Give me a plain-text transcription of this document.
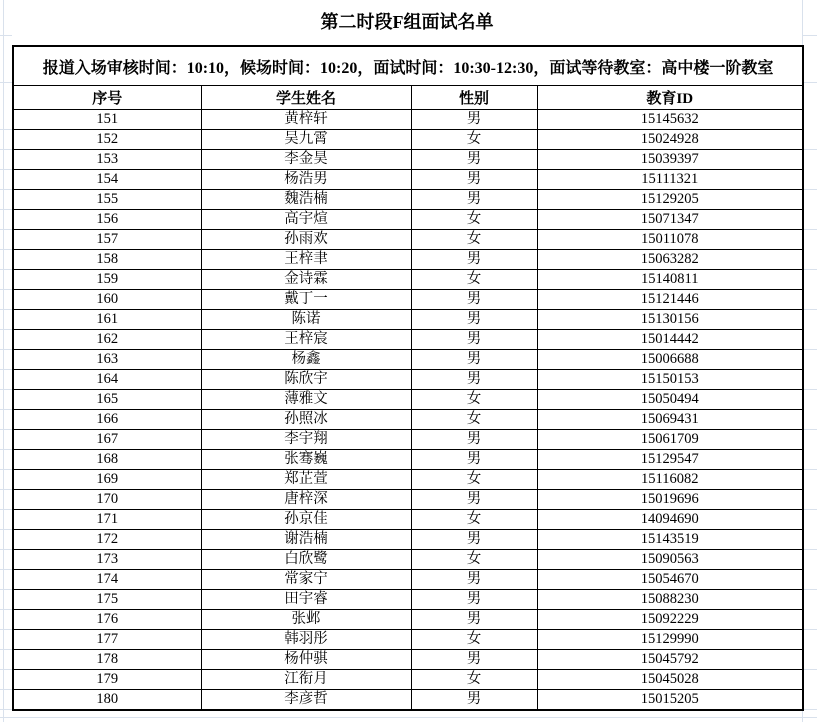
第二时段F组面试名单
报道入场审核时间：10:10，候场时间：10:20，面试时间：10:30-12:30，面试等待教室：高中楼一阶教室			
序号	学生姓名	性别	教育ID
151	黄梓轩	男	15145632
152	吴九霄	女	15024928
153	李金昊	男	15039397
154	杨浩男	男	15111321
155	魏浩楠	男	15129205
156	高宇煊	女	15071347
157	孙雨欢	女	15011078
158	王梓聿	男	15063282
159	金诗霖	女	15140811
160	戴丁一	男	15121446
161	陈诺	男	15130156
162	王梓宸	男	15014442
163	杨鑫	男	15006688
164	陈欣宇	男	15150153
165	薄雅文	女	15050494
166	孙照冰	女	15069431
167	李宇翔	男	15061709
168	张骞巍	男	15129547
169	郑芷萱	女	15116082
170	唐梓深	男	15019696
171	孙京佳	女	14094690
172	谢浩楠	男	15143519
173	白欣鹭	女	15090563
174	常家宁	男	15054670
175	田宇睿	男	15088230
176	张邺	男	15092229
177	韩羽彤	女	15129990
178	杨仲骐	男	15045792
179	江衔月	女	15045028
180	李彦哲	男	15015205
